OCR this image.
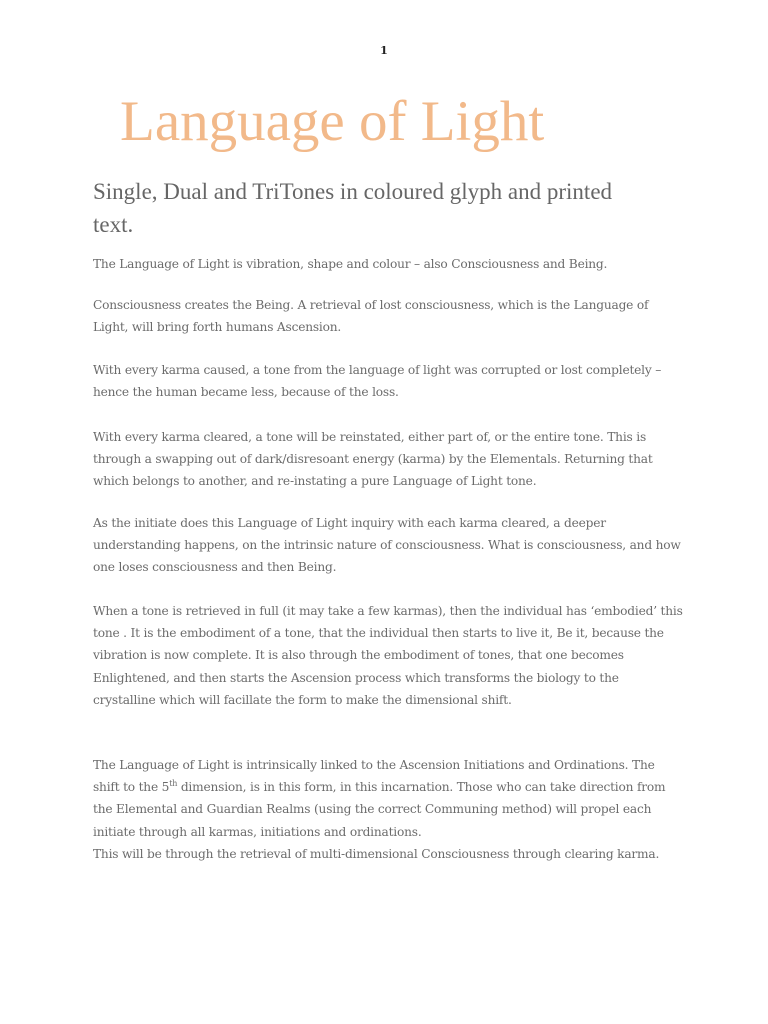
1
Language of Light
Single, Dual and TriTones in coloured glyph and printed text.

The Language of Light is vibration, shape and colour – also Consciousness and Being.

Consciousness creates the Being. A retrieval of lost consciousness, which is the Language of Light, will bring forth humans Ascension.

With every karma caused, a tone from the language of light was corrupted or lost completely – hence the human became less, because of the loss.

With every karma cleared, a tone will be reinstated, either part of, or the entire tone. This is through a swapping out of dark/disresoant energy (karma) by the Elementals. Returning that which belongs to another, and re-instating a pure Language of Light tone.

As the initiate does this Language of Light inquiry with each karma cleared, a deeper understanding happens, on the intrinsic nature of consciousness. What is consciousness, and how one loses consciousness and then Being.

When a tone is retrieved in full (it may take a few karmas), then the individual has ‘embodied’ this tone . It is the embodiment of a tone, that the individual then starts to live it, Be it, because the vibration is now complete. It is also through the embodiment of tones, that one becomes Enlightened, and then starts the Ascension process which transforms the biology to the crystalline which will facillate the form to make the dimensional shift.

The Language of Light is intrinsically linked to the Ascension Initiations and Ordinations. The shift to the 5th dimension, is in this form, in this incarnation. Those who can take direction from the Elemental and Guardian Realms (using the correct Communing method) will propel each initiate through all karmas, initiations and ordinations.

This will be through the retrieval of multi-dimensional Consciousness through clearing karma.
